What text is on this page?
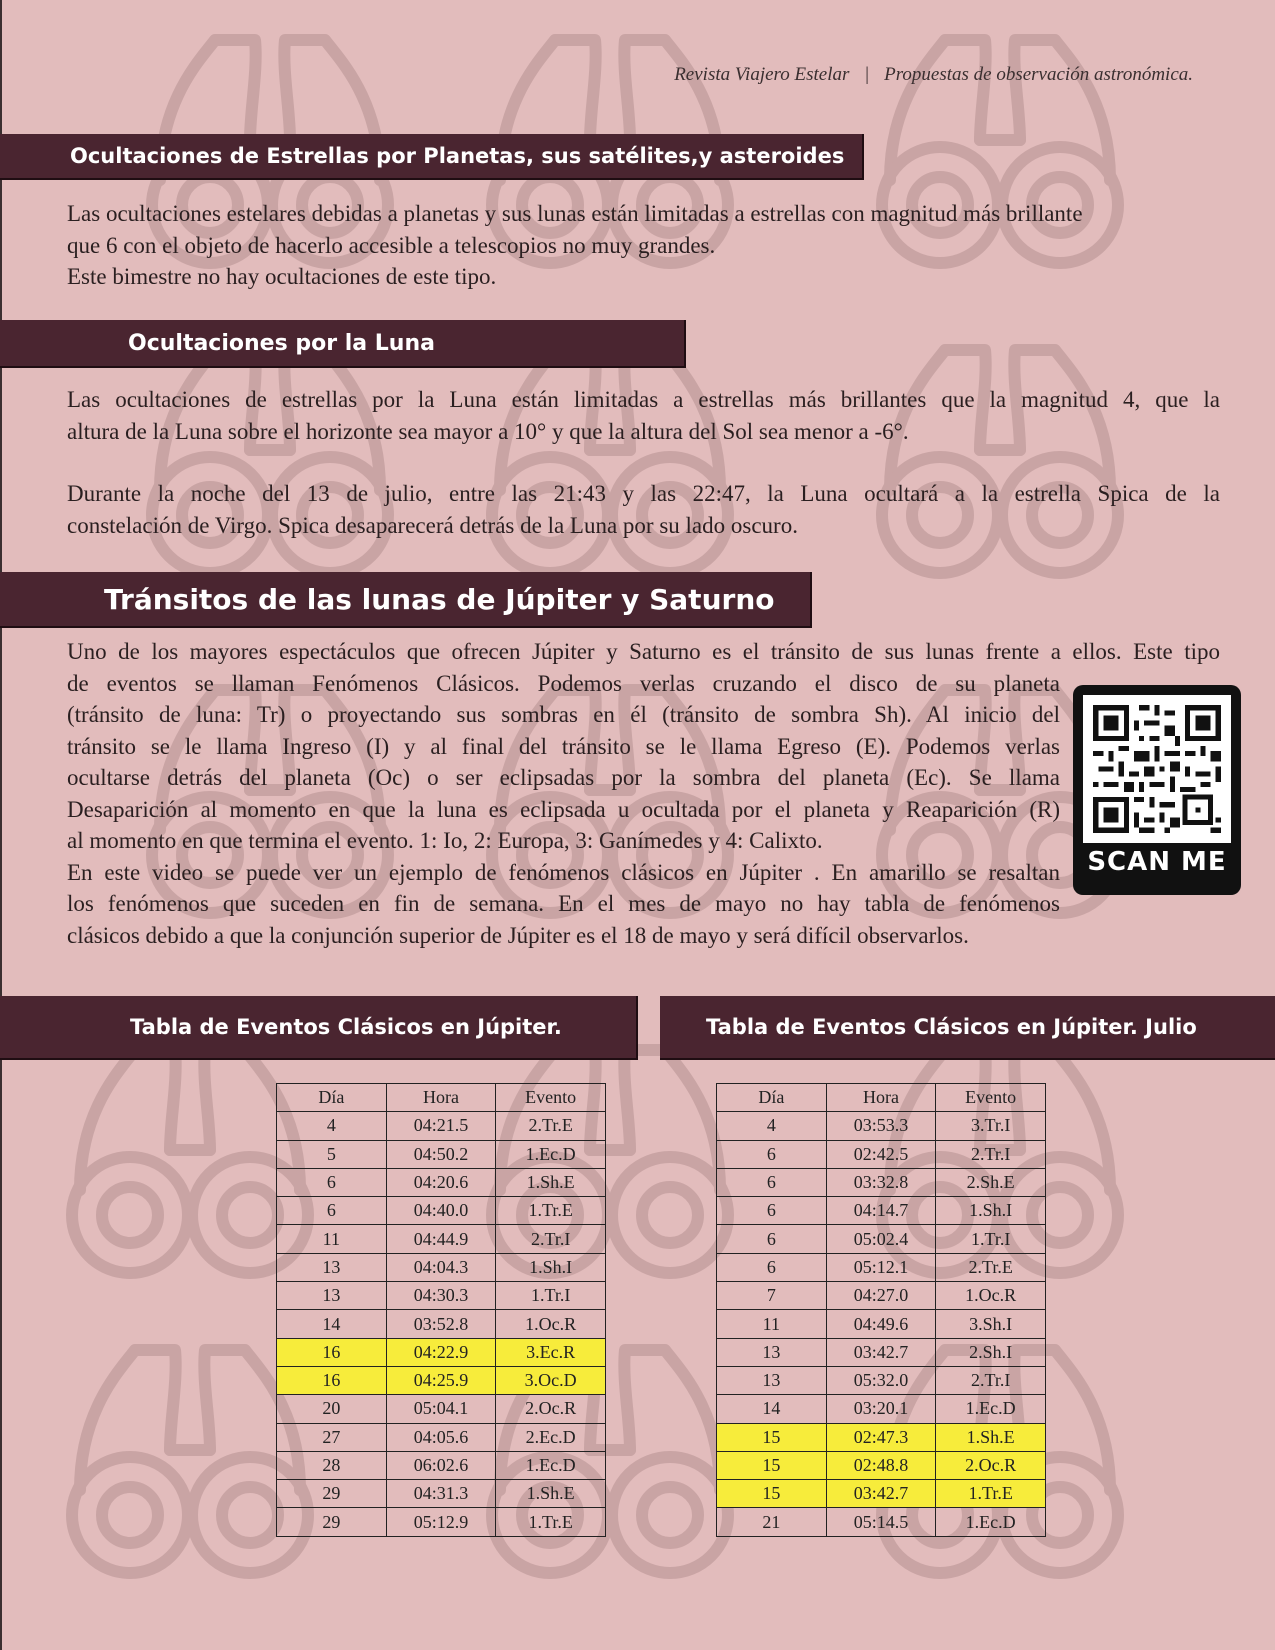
Revista Viajero Estelar | Propuestas de observación astronómica.
Ocultaciones de Estrellas por Planetas, sus satélites,y asteroides
Las ocultaciones estelares debidas a planetas y sus lunas están limitadas a estrellas con magnitud más brillante
que 6 con el objeto de hacerlo accesible a telescopios no muy grandes.
Este bimestre no hay ocultaciones de este tipo.
Ocultaciones por la Luna
Las ocultaciones de estrellas por la Luna están limitadas a estrellas más brillantes que la magnitud 4, que la
altura de la Luna sobre el horizonte sea mayor a 10° y que la altura del Sol sea menor a -6°.
Durante la noche del 13 de julio, entre las 21:43 y las 22:47, la Luna ocultará a la estrella Spica de la
constelación de Virgo. Spica desaparecerá detrás de la Luna por su lado oscuro.
Tránsitos de las lunas de Júpiter y Saturno
Uno de los mayores espectáculos que ofrecen Júpiter y Saturno es el tránsito de sus lunas frente a ellos. Este tipo
de eventos se llaman Fenómenos Clásicos. Podemos verlas cruzando el disco de su planeta
(tránsito de luna: Tr) o proyectando sus sombras en él (tránsito de sombra Sh). Al inicio del
tránsito se le llama Ingreso (I) y al final del tránsito se le llama Egreso (E). Podemos verlas
ocultarse detrás del planeta (Oc) o ser eclipsadas por la sombra del planeta (Ec). Se llama
Desaparición al momento en que la luna es eclipsada u ocultada por el planeta y Reaparición (R)
al momento en que termina el evento. 1: Io, 2: Europa, 3: Ganímedes y 4: Calixto.
En este video se puede ver un ejemplo de fenómenos clásicos en Júpiter . En amarillo se resaltan
los fenómenos que suceden en fin de semana. En el mes de mayo no hay tabla de fenómenos
clásicos debido a que la conjunción superior de Júpiter es el 18 de mayo y será difícil observarlos.
SCAN ME
Tabla de Eventos Clásicos en Júpiter.	Tabla de Eventos Clásicos en Júpiter. Julio
Día	Hora	Evento
4	04:21.5	2.Tr.E
5	04:50.2	1.Ec.D
6	04:20.6	1.Sh.E
6	04:40.0	1.Tr.E
11	04:44.9	2.Tr.I
13	04:04.3	1.Sh.I
13	04:30.3	1.Tr.I
14	03:52.8	1.Oc.R
16	04:22.9	3.Ec.R
16	04:25.9	3.Oc.D
20	05:04.1	2.Oc.R
27	04:05.6	2.Ec.D
28	06:02.6	1.Ec.D
29	04:31.3	1.Sh.E
29	05:12.9	1.Tr.E
Día	Hora	Evento
4	03:53.3	3.Tr.I
6	02:42.5	2.Tr.I
6	03:32.8	2.Sh.E
6	04:14.7	1.Sh.I
6	05:02.4	1.Tr.I
6	05:12.1	2.Tr.E
7	04:27.0	1.Oc.R
11	04:49.6	3.Sh.I
13	03:42.7	2.Sh.I
13	05:32.0	2.Tr.I
14	03:20.1	1.Ec.D
15	02:47.3	1.Sh.E
15	02:48.8	2.Oc.R
15	03:42.7	1.Tr.E
21	05:14.5	1.Ec.D
